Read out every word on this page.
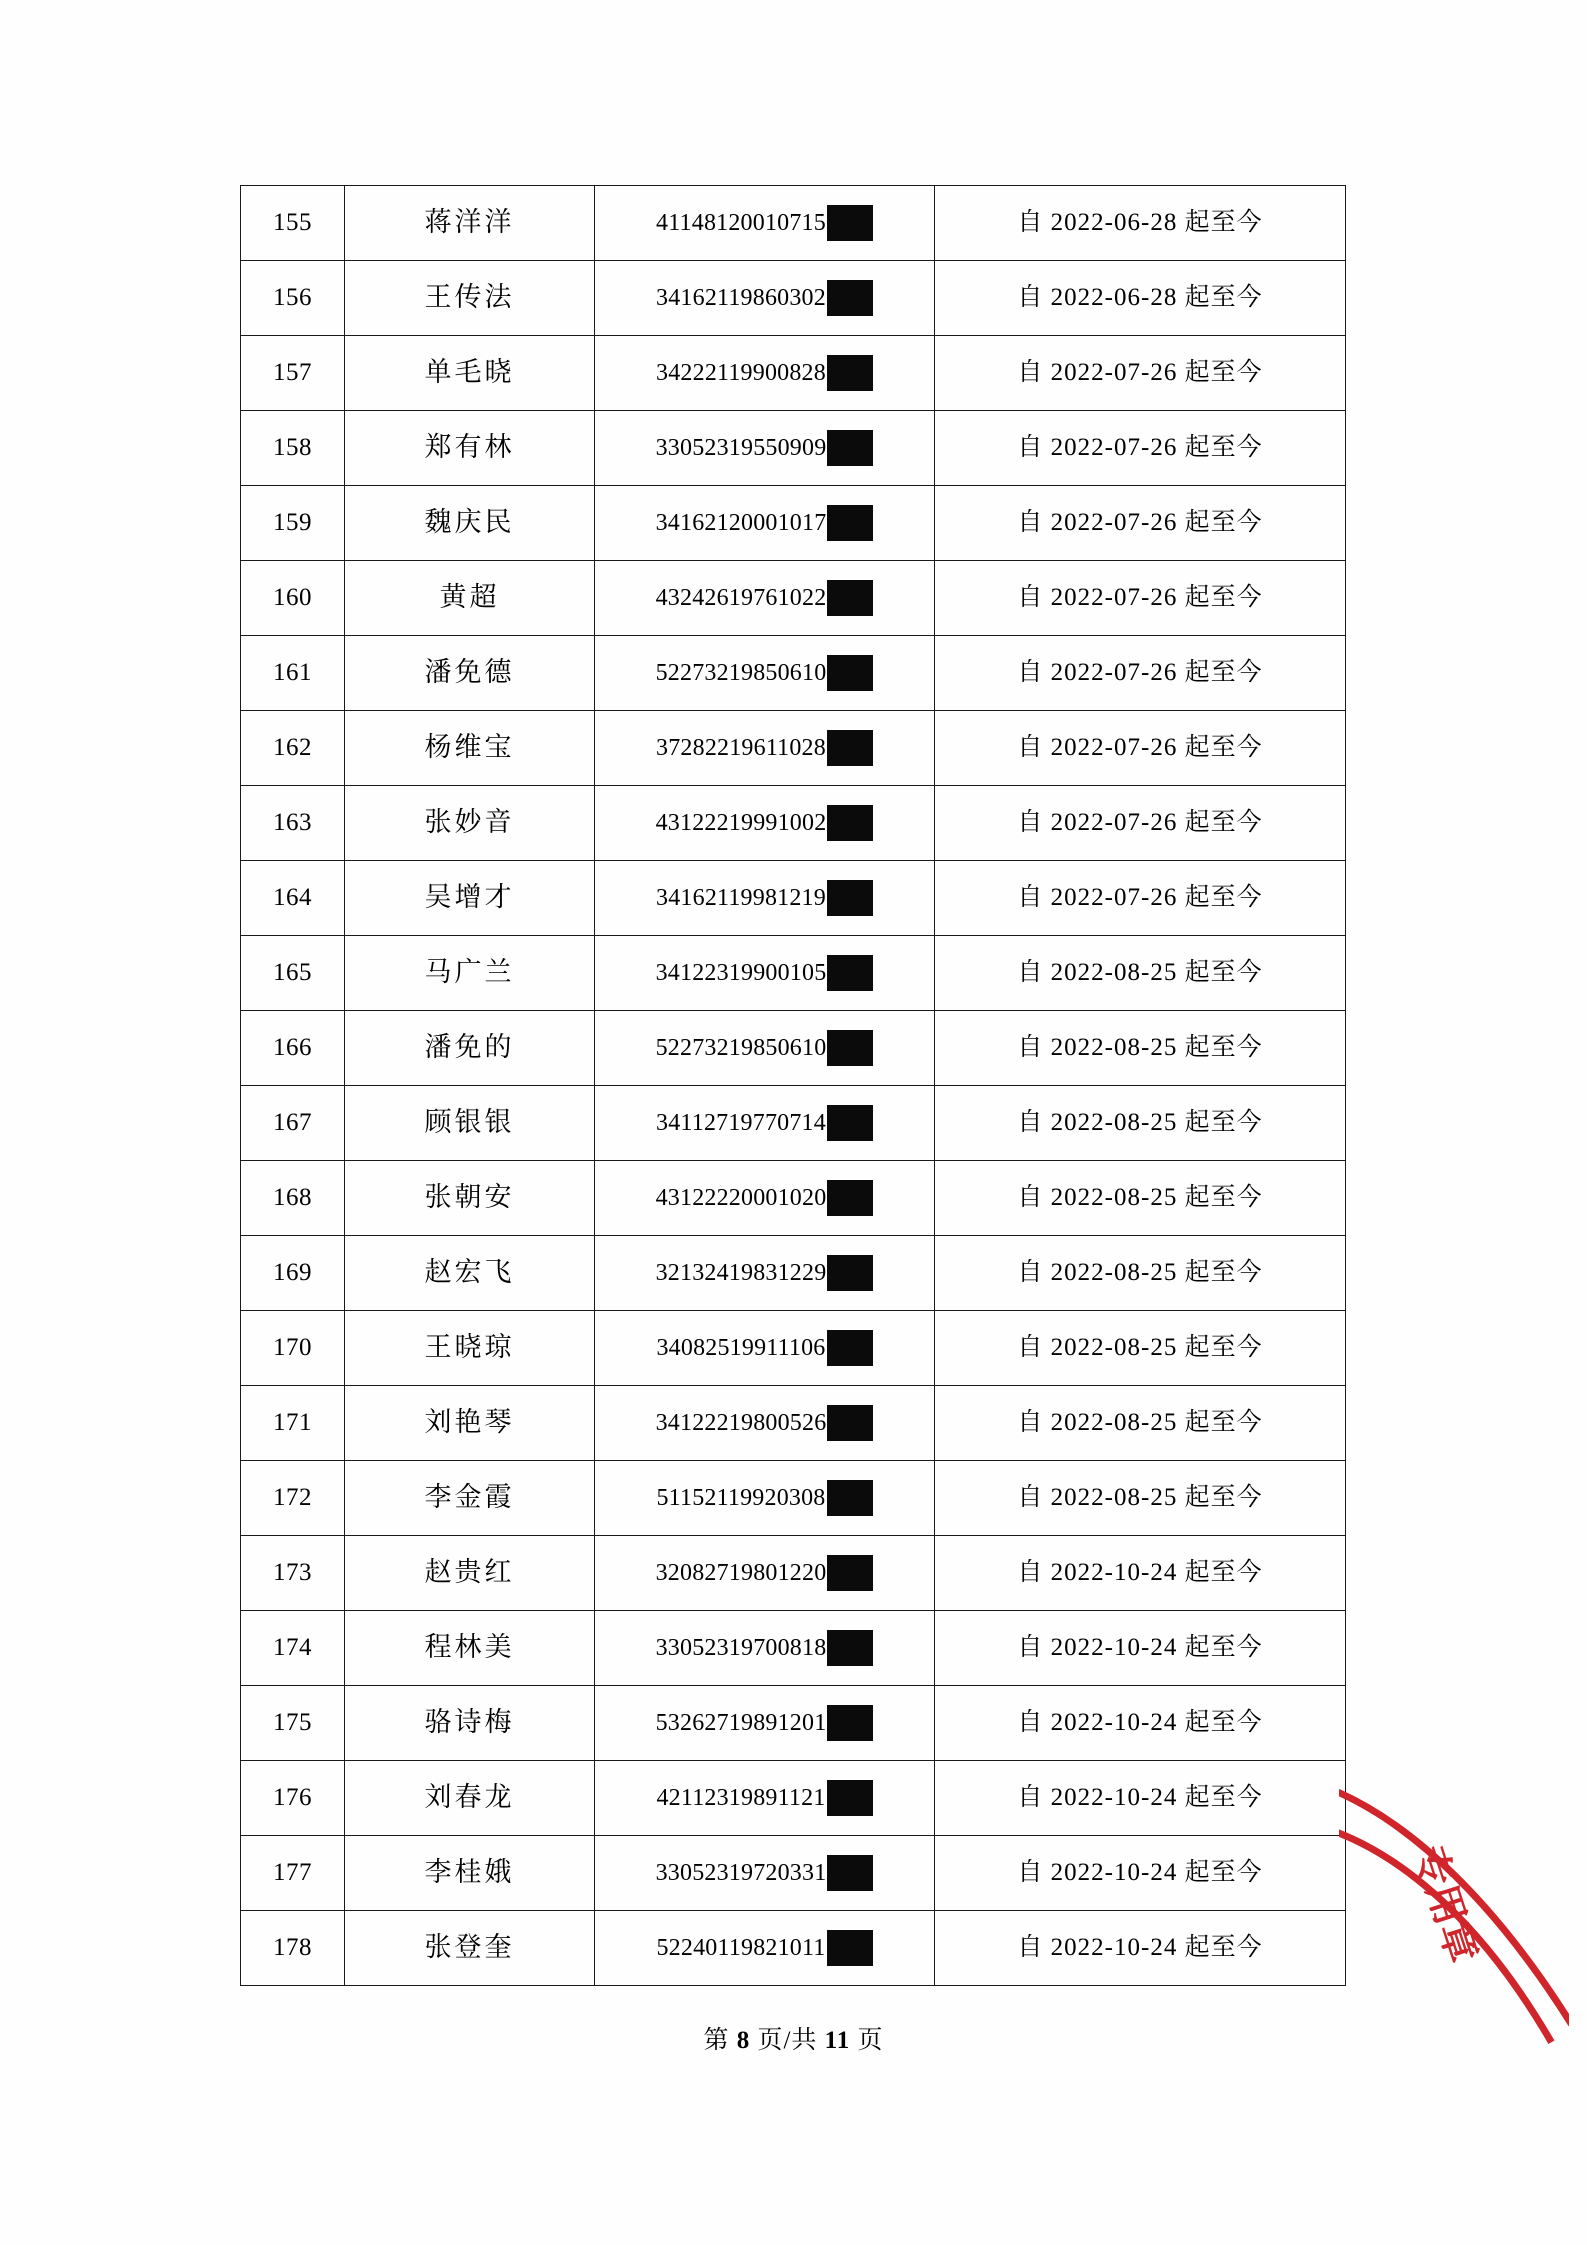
155	蒋洋洋	41148120010715	自 2022-06-28 起至今
156	王传法	34162119860302	自 2022-06-28 起至今
157	单毛晓	34222119900828	自 2022-07-26 起至今
158	郑有林	33052319550909	自 2022-07-26 起至今
159	魏庆民	34162120001017	自 2022-07-26 起至今
160	黄超	43242619761022	自 2022-07-26 起至今
161	潘免德	52273219850610	自 2022-07-26 起至今
162	杨维宝	37282219611028	自 2022-07-26 起至今
163	张妙音	43122219991002	自 2022-07-26 起至今
164	吴增才	34162119981219	自 2022-07-26 起至今
165	马广兰	34122319900105	自 2022-08-25 起至今
166	潘免的	52273219850610	自 2022-08-25 起至今
167	顾银银	34112719770714	自 2022-08-25 起至今
168	张朝安	43122220001020	自 2022-08-25 起至今
169	赵宏飞	32132419831229	自 2022-08-25 起至今
170	王晓琼	34082519911106	自 2022-08-25 起至今
171	刘艳琴	34122219800526	自 2022-08-25 起至今
172	李金霞	51152119920308	自 2022-08-25 起至今
173	赵贵红	32082719801220	自 2022-10-24 起至今
174	程林美	33052319700818	自 2022-10-24 起至今
175	骆诗梅	53262719891201	自 2022-10-24 起至今
176	刘春龙	42112319891121	自 2022-10-24 起至今
177	李桂娥	33052319720331	自 2022-10-24 起至今
178	张登奎	52240119821011	自 2022-10-24 起至今
第 8 页/共 11 页
专用章
